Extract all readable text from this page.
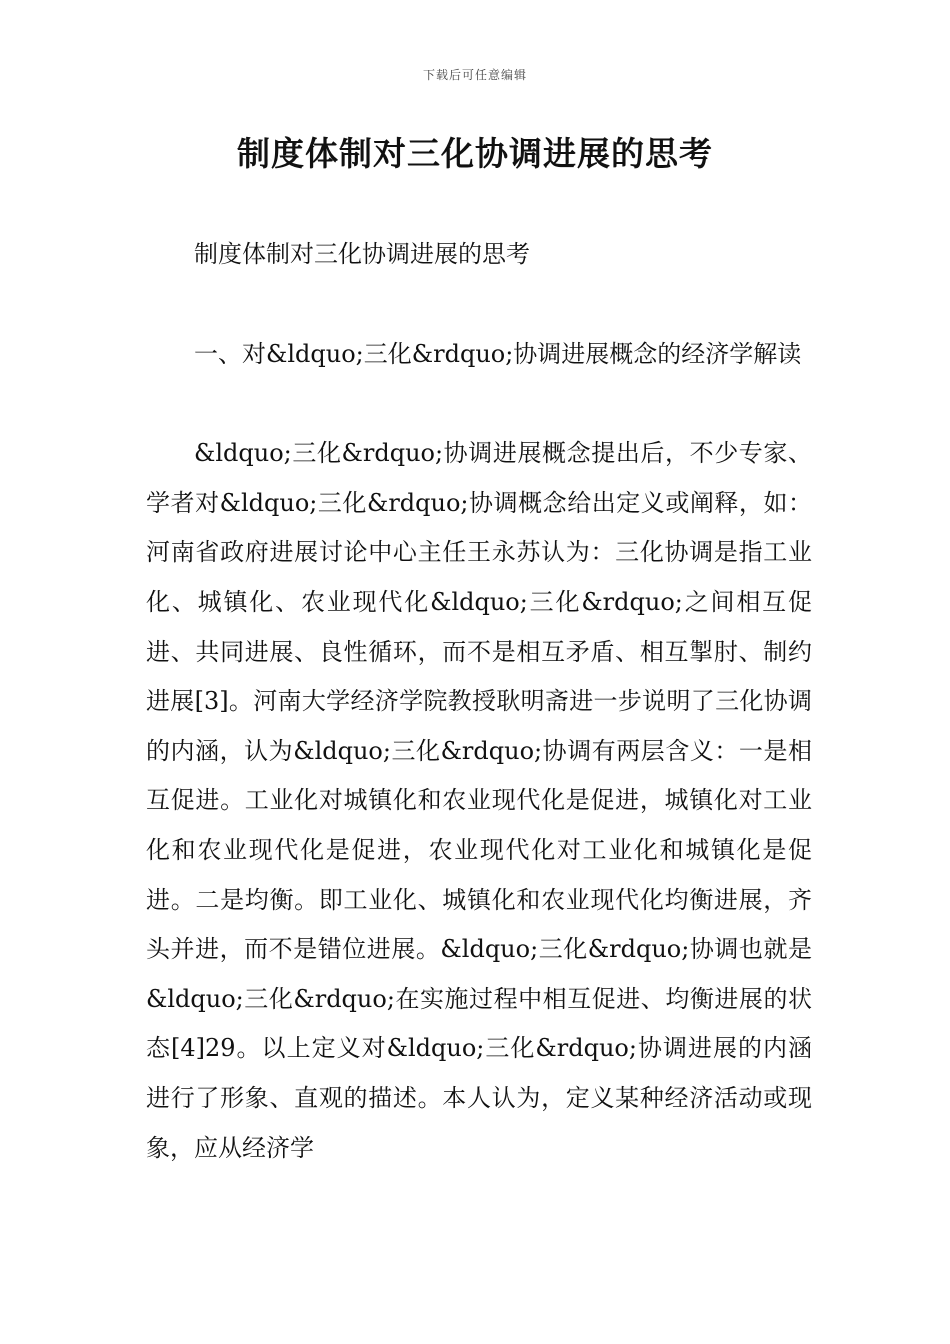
下载后可任意编辑
制度体制对三化协调进展的思考

制度体制对三化协调进展的思考

一、对&ldquo;三化&rdquo;协调进展概念的经济学解读

&ldquo;三化&rdquo;协调进展概念提出后，不少专家、学者对&ldquo;三化&rdquo;协调概念给出定义或阐释，如：河南省政府进展讨论中心主任王永苏认为：三化协调是指工业化、城镇化、农业现代化&ldquo;三化&rdquo;之间相互促进、共同进展、良性循环，而不是相互矛盾、相互掣肘、制约进展[3]。河南大学经济学院教授耿明斋进一步说明了三化协调的内涵，认为&ldquo;三化&rdquo;协调有两层含义：一是相互促进。工业化对城镇化和农业现代化是促进，城镇化对工业化和农业现代化是促进，农业现代化对工业化和城镇化是促进。二是均衡。即工业化、城镇化和农业现代化均衡进展，齐头并进，而不是错位进展。&ldquo;三化&rdquo;协调也就是&ldquo;三化&rdquo;在实施过程中相互促进、均衡进展的状态[4]29。以上定义对&ldquo;三化&rdquo;协调进展的内涵进行了形象、直观的描述。本人认为，定义某种经济活动或现象，应从经济学
